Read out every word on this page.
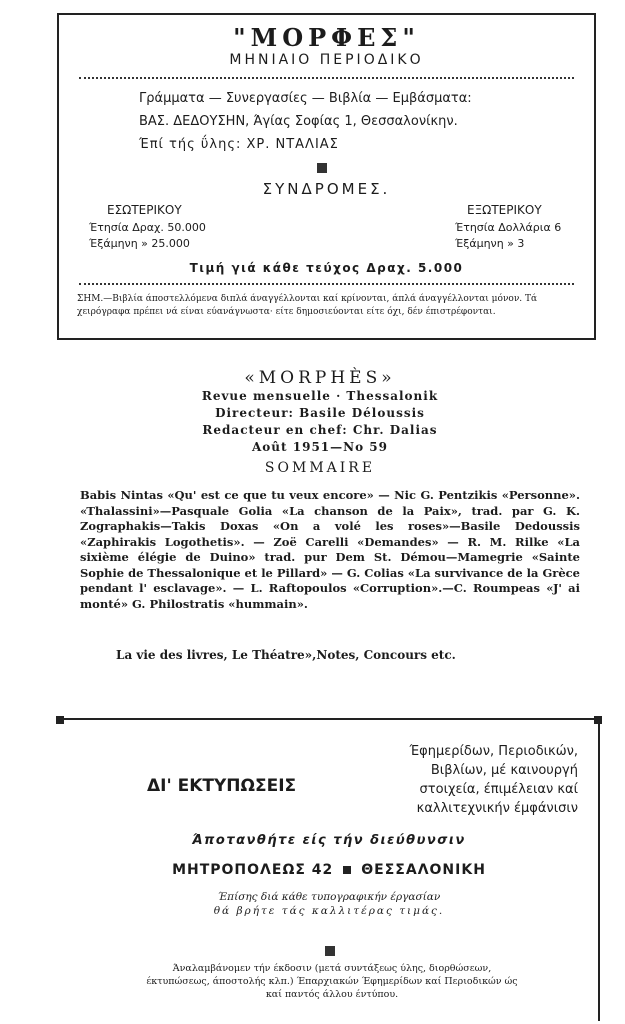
"ΜΟΡΦΕΣ"
ΜΗΝΙΑΙΟ ΠΕΡΙΟΔΙΚΟ
Γράμματα — Συνεργασίες — Βιβλία — Εμβάσματα:
ΒΑΣ. ΔΕΔΟΥΣΗΝ, Άγίας Σοφίας 1, Θεσσαλονίκην.
Έπί τής ΰλης: ΧΡ. ΝΤΑΛΙΑΣ
ΣΥΝΔΡΟΜΕΣ.
ΕΣΩΤΕΡΙΚΟΥ
Έτησία Δραχ. 50.000
Έξάμηνη » 25.000
ΕΞΩΤΕΡΙΚΟΥ
Έτησία Δολλάρια 6
Έξάμηνη » 3
Τιμή γιά κάθε τεύχος Δραχ. 5.000
ΣΗΜ.—Βιβλία άποστελλόμενα διπλά άναγγέλλονται καί κρίνονται, άπλά άναγγέλλονται μόνον. Τά χειρόγραφα πρέπει νά είναι εύανάγνωστα· είτε δημοσιεύονται είτε όχι, δέν έπιστρέφονται.
«MORPHÈS»
Revue mensuelle · Thessalonik
Directeur: Basile Déloussis
Redacteur en chef: Chr. Dalias
Août 1951—No 59
SOMMAIRE
Babis Nintas «Qu' est ce que tu veux encore» — Nic G. Pentzikis «Personne». «Thalassini»—Pasquale Golia «La chanson de la Paix», trad. par G. K. Zographakis—Takis Doxas «On a volé les roses»—Basile Dedoussis «Zaphirakis Logothetis». — Zoë Carelli «Demandes» — R. M. Rilke «La sixième élégie de Duino» trad. pur Dem St. Démou—Mamegrie «Sainte Sophie de Thessalonique et le Pillard» — G. Colias «La survivance de la Grèce pendant l' esclavage». — L. Raftopoulos «Corruption».—C. Roumpeas «J' ai monté» G. Philostratis «hummain».
La vie des livres, Le Théatre»,Notes, Concours etc.
ΔΙ' ΕΚΤΥΠΩΣΕΙΣ
Έφημερίδων, Περιοδικών,
Βιβλίων, μέ καινουργή
στοιχεία, έπιμέλειαν καί
καλλιτεχνικήν έμφάνισιν
Άποτανθήτε είς τήν διεύθυνσιν
ΜΗΤΡΟΠΟΛΕΩΣ 42 ΘΕΣΣΑΛΟΝΙΚΗ
Έπίσης διά κάθε τυπογραφικήν έργασίαν
θά βρήτε τάς καλλιτέρας τιμάς.
Άναλαμβάνομεν τήν έκδοσιν (μετά συντάξεως ύλης, διορθώσεων, έκτυπώσεως, άποστολής κλπ.) Έπαρχιακών Έφημερίδων καί Περιοδικών ώς καί παντός άλλου έντύπου.
